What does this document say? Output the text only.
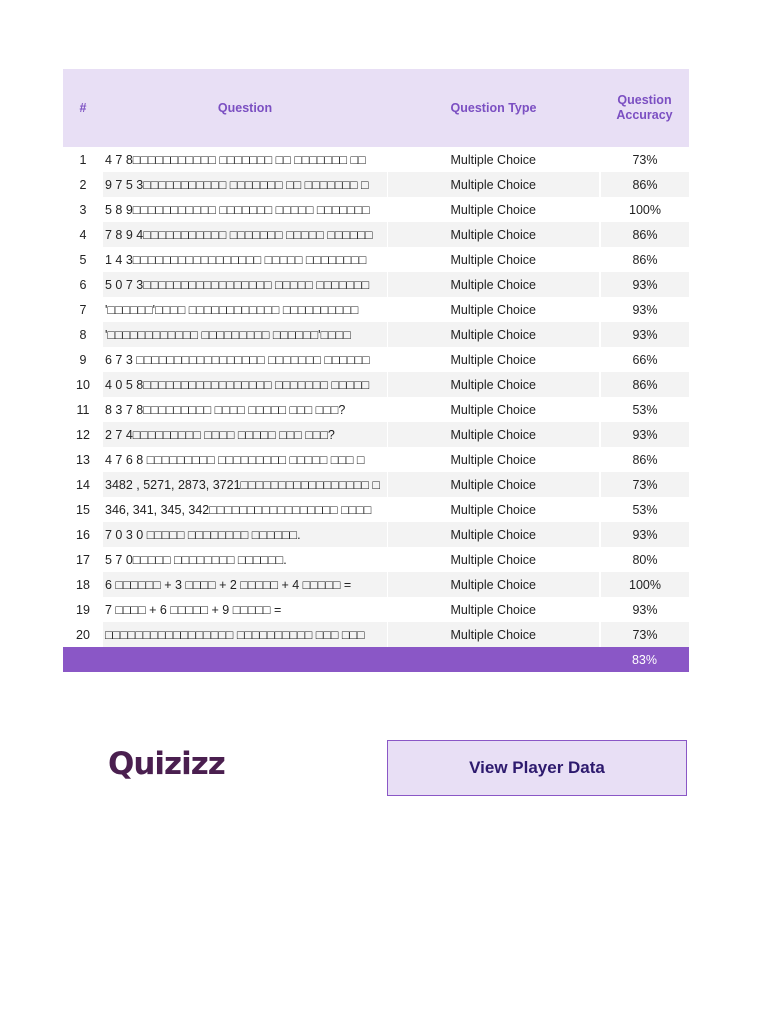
#	Question	Question Type	Question
Accuracy
1	4 7 8□□□□□□□□□□□ □□□□□□□ □□ □□□□□□□ □□	Multiple Choice	73%
2	9 7 5 3□□□□□□□□□□□ □□□□□□□ □□ □□□□□□□ □	Multiple Choice	86%
3	5 8 9□□□□□□□□□□□ □□□□□□□ □□□□□ □□□□□□□	Multiple Choice	100%
4	7 8 9 4□□□□□□□□□□□ □□□□□□□ □□□□□ □□□□□□	Multiple Choice	86%
5	1 4 3□□□□□□□□□□□□□□□□□ □□□□□ □□□□□□□□	Multiple Choice	86%
6	5 0 7 3□□□□□□□□□□□□□□□□□ □□□□□ □□□□□□□	Multiple Choice	93%
7	'□□□□□□'□□□□ □□□□□□□□□□□□ □□□□□□□□□□	Multiple Choice	93%
8	'□□□□□□□□□□□□ □□□□□□□□□ □□□□□□'□□□□	Multiple Choice	93%
9	6 7 3 □□□□□□□□□□□□□□□□□ □□□□□□□ □□□□□□	Multiple Choice	66%
10	4 0 5 8□□□□□□□□□□□□□□□□□ □□□□□□□ □□□□□	Multiple Choice	86%
11	8 3 7 8□□□□□□□□□ □□□□ □□□□□ □□□ □□□?	Multiple Choice	53%
12	2 7 4□□□□□□□□□ □□□□ □□□□□ □□□ □□□?	Multiple Choice	93%
13	4 7 6 8 □□□□□□□□□ □□□□□□□□□ □□□□□ □□□ □	Multiple Choice	86%
14	3482 , 5271, 2873, 3721□□□□□□□□□□□□□□□□□ □	Multiple Choice	73%
15	346, 341, 345, 342□□□□□□□□□□□□□□□□□ □□□□	Multiple Choice	53%
16	7 0 3 0 □□□□□ □□□□□□□□ □□□□□□.	Multiple Choice	93%
17	5 7 0□□□□□ □□□□□□□□ □□□□□□.	Multiple Choice	80%
18	6 □□□□□□ + 3 □□□□ + 2 □□□□□ + 4 □□□□□ =	Multiple Choice	100%
19	7 □□□□ + 6 □□□□□ + 9 □□□□□ =	Multiple Choice	93%
20	□□□□□□□□□□□□□□□□□ □□□□□□□□□□ □□□ □□□	Multiple Choice	73%
			83%
Quizizz	View Player Data
